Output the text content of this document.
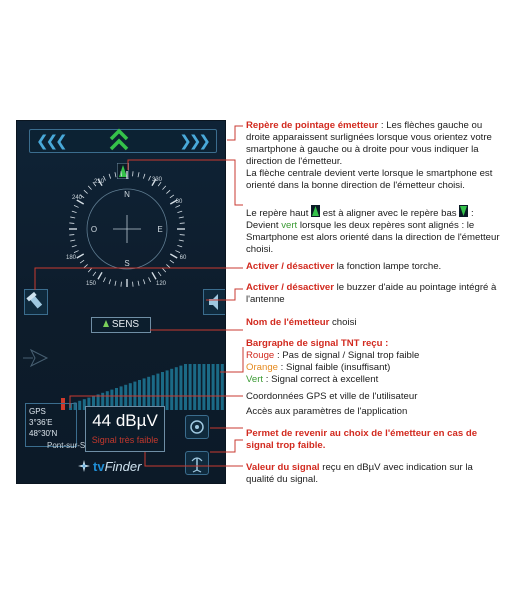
❮❮❮	❯❯❯
N
E
S
O
210
240
330
30
60
120
150
180
SENS
GPS
3°36'E
48°30'N
Pont-sur-S
44 dBµV
Signal très faible
tvFinder
Repère de pointage émetteur : Les flèches gauche ou droite apparaissent surlignées lorsque vous orientez votre smartphone à gauche ou à droite pour vous indiquer la direction de l'émetteur.
La flèche centrale devient verte lorsque le smartphone est orienté dans la bonne direction de l'émetteur choisi.
Le repère haut  est à aligner avec le repère bas  : Devient vert lorsque les deux repères sont alignés : le Smartphone est alors orienté dans la direction de l'émetteur choisi.
Activer / désactiver la fonction lampe torche.
Activer / désactiver le buzzer d'aide au pointage intégré à l'antenne
Nom de l'émetteur choisi
Bargraphe de signal TNT reçu :
Rouge : Pas de signal / Signal trop faible
Orange : Signal faible (insuffisant)
Vert : Signal correct à excellent
Coordonnées GPS et ville de l'utilisateur
Accès aux paramètres de l'application
Permet de revenir au choix de l'émetteur en cas de signal trop faible.
Valeur du signal reçu en dBµV avec indication sur la qualité du signal.
